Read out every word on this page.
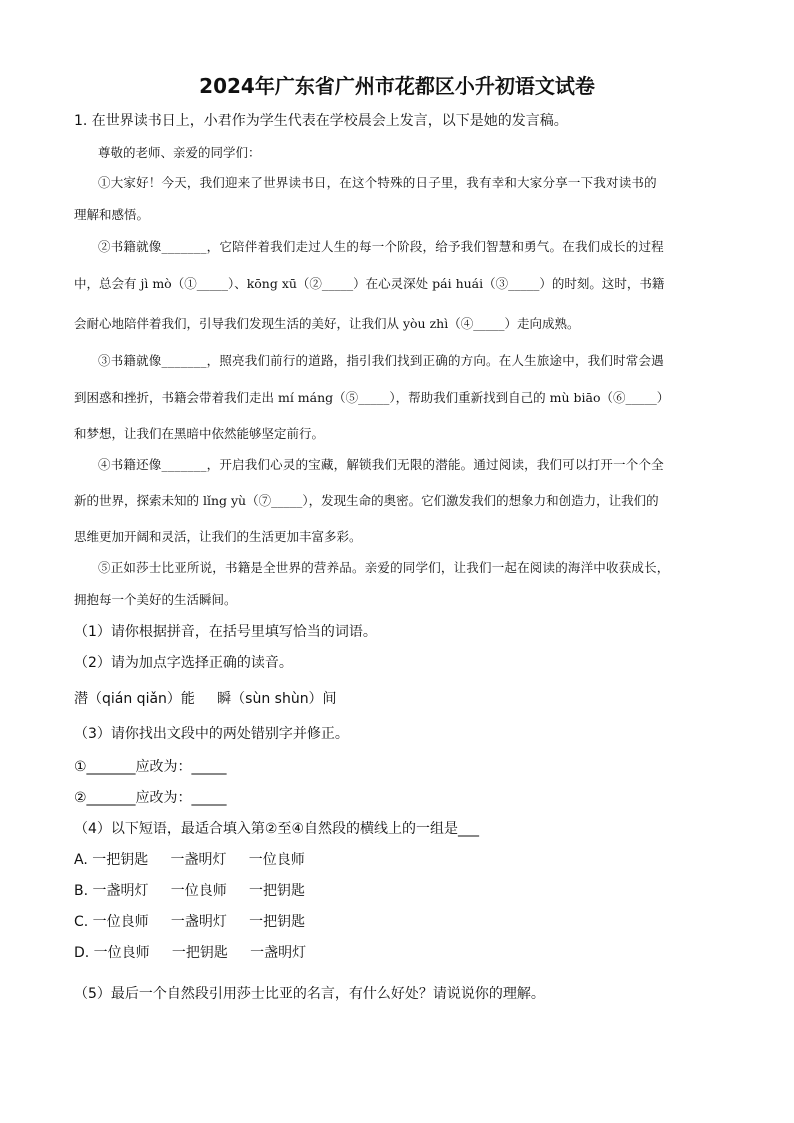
2024年广东省广州市花都区小升初语文试卷
1. 在世界读书日上，小君作为学生代表在学校晨会上发言，以下是她的发言稿。
尊敬的老师、亲爱的同学们：
①大家好！今天，我们迎来了世界读书日，在这个特殊的日子里，我有幸和大家分享一下我对读书的
理解和感悟。
②书籍就像_______，它陪伴着我们走过人生的每一个阶段，给予我们智慧和勇气。在我们成长的过程
中，总会有 jì mò（①_____）、kōng xū（②_____）在心灵深处 pái huái（③_____）的时刻。这时，书籍
会耐心地陪伴着我们，引导我们发现生活的美好，让我们从 yòu zhì（④_____）走向成熟。
③书籍就像_______，照亮我们前行的道路，指引我们找到正确的方向。在人生旅途中，我们时常会遇
到困惑和挫折，书籍会带着我们走出 mí máng（⑤_____），帮助我们重新找到自己的 mù biāo（⑥_____）
和梦想，让我们在黑暗中依然能够坚定前行。
④书籍还像_______，开启我们心灵的宝藏，解锁我们无限的潜能。通过阅读，我们可以打开一个个全
新的世界，探索未知的 lǐng yù（⑦_____），发现生命的奥密。它们激发我们的想象力和创造力，让我们的
思维更加开阔和灵活，让我们的生活更加丰富多彩。
⑤正如莎士比亚所说，书籍是全世界的营养品。亲爱的同学们，让我们一起在阅读的海洋中收获成长，
拥抱每一个美好的生活瞬间。
（1）请你根据拼音，在括号里填写恰当的词语。
（2）请为加点字选择正确的读音。
潜（qián qiǎn）能     瞬（sùn shùn）间
（3）请你找出文段中的两处错别字并修正。
①_______应改为：_____
②_______应改为：_____
（4）以下短语，最适合填入第②至④自然段的横线上的一组是___
A. 一把钥匙     一盏明灯     一位良师
B. 一盏明灯     一位良师     一把钥匙
C. 一位良师     一盏明灯     一把钥匙
D. 一位良师     一把钥匙     一盏明灯
（5）最后一个自然段引用莎士比亚的名言，有什么好处？请说说你的理解。
